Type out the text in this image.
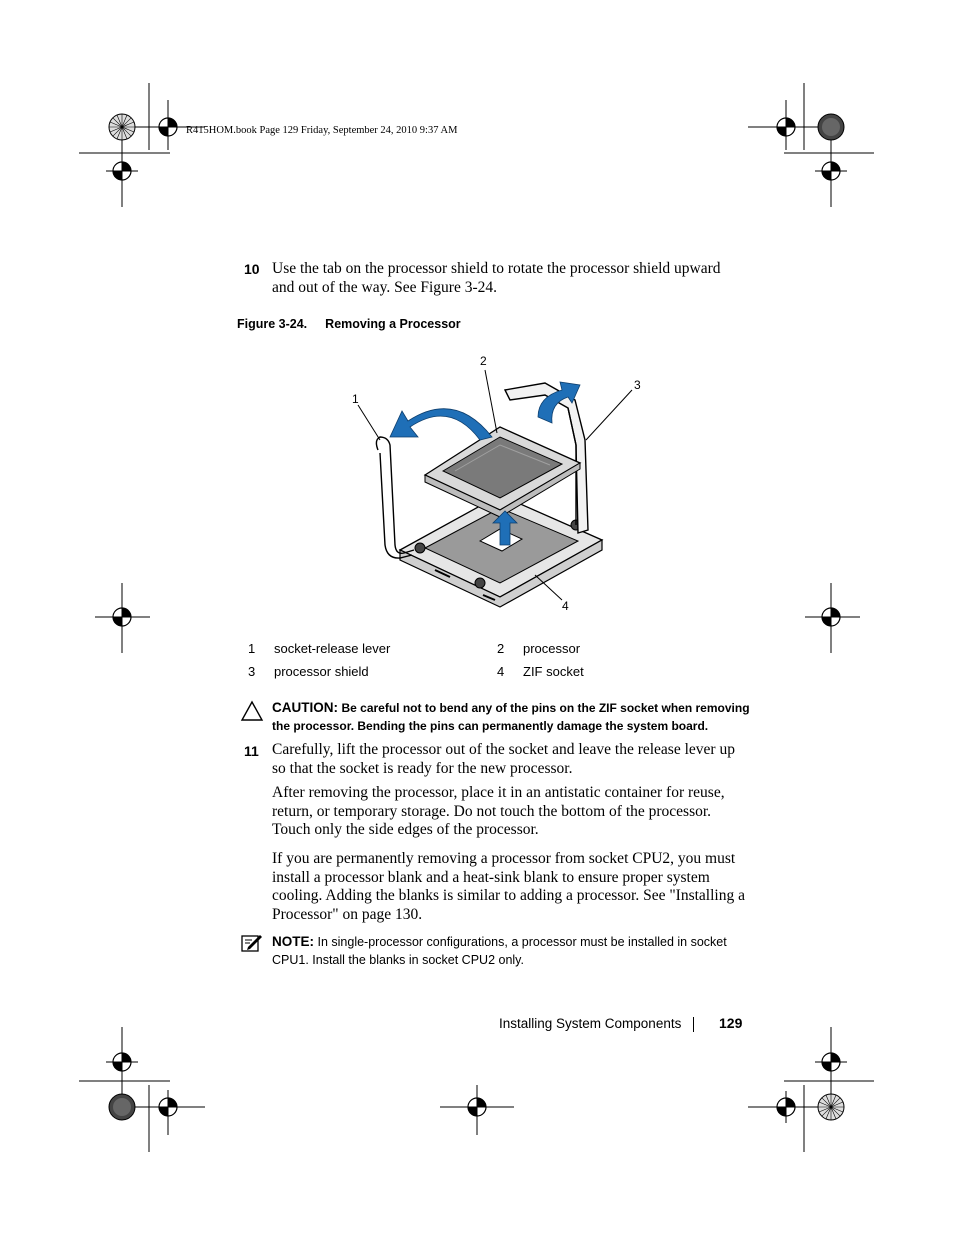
R415HOM.book Page 129 Friday, September 24, 2010 9:37 AM
10 Use the tab on the processor shield to rotate the processor shield upward
and out of the way. See Figure 3-24.
Figure 3-24. Removing a Processor
1
2
3
4
1 socket-release lever	2 processor
3 processor shield	4 ZIF socket
CAUTION: Be careful not to bend any of the pins on the ZIF socket when removing
the processor. Bending the pins can permanently damage the system board.
11 Carefully, lift the processor out of the socket and leave the release lever up
so that the socket is ready for the new processor.
After removing the processor, place it in an antistatic container for reuse,
return, or temporary storage. Do not touch the bottom of the processor.
Touch only the side edges of the processor.
If you are permanently removing a processor from socket CPU2, you must
install a processor blank and a heat-sink blank to ensure proper system
cooling. Adding the blanks is similar to adding a processor. See "Installing a
Processor" on page 130.
NOTE: In single-processor configurations, a processor must be installed in socket
CPU1. Install the blanks in socket CPU2 only.
Installing System Components	129
